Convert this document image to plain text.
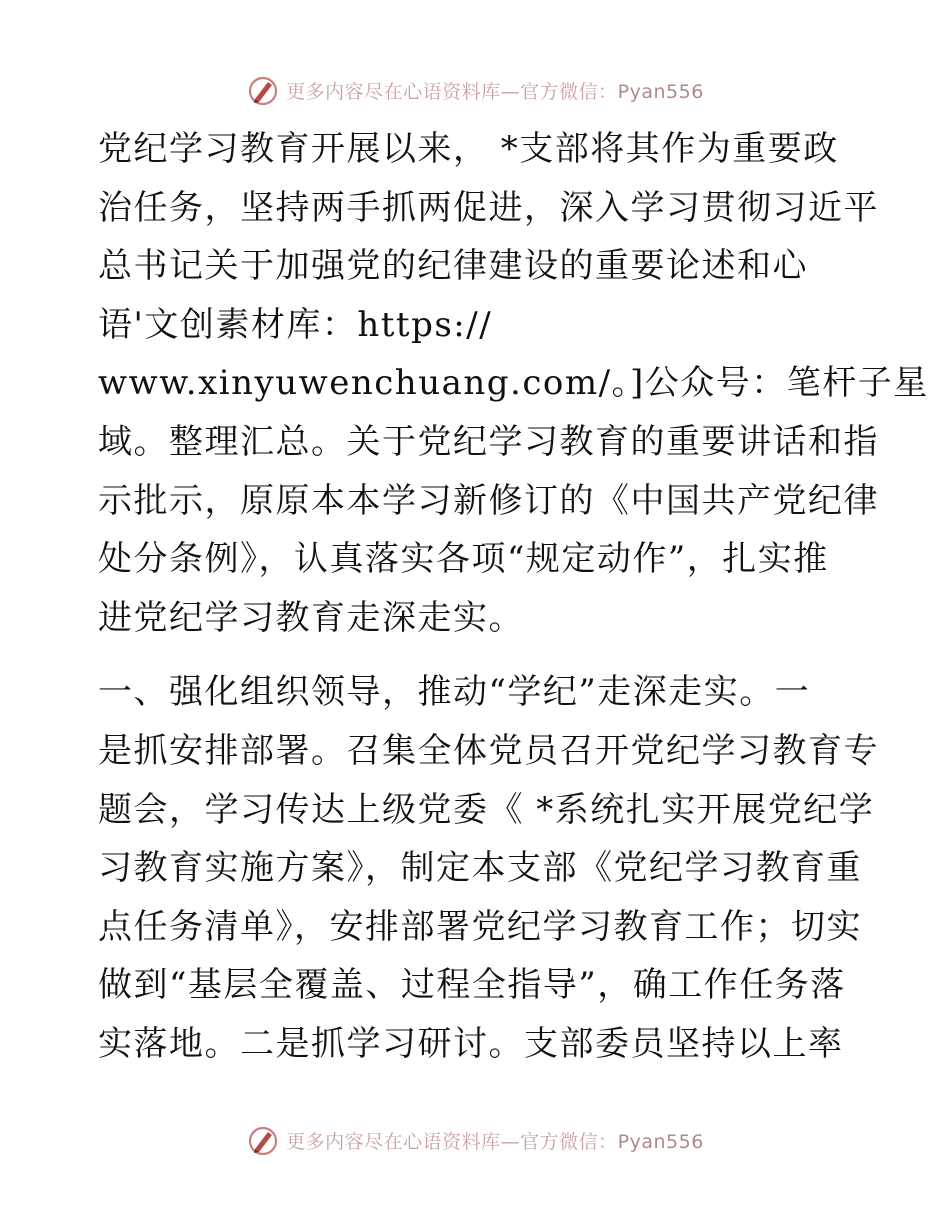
更多内容尽在心语资料库—官方微信：Pyan556

党纪学习教育开展以来， *支部将其作为重要政
治任务，坚持两手抓两促进，深入学习贯彻习近平
总书记关于加强党的纪律建设的重要论述和心
语'文创素材库：https://
www.xinyuwenchuang.com/。]公众号：笔杆子星
域。整理汇总。关于党纪学习教育的重要讲话和指
示批示，原原本本学习新修订的《中国共产党纪律
处分条例》，认真落实各项“规定动作”，扎实推
进党纪学习教育走深走实。

一、强化组织领导，推动“学纪”走深走实。一
是抓安排部署。召集全体党员召开党纪学习教育专
题会，学习传达上级党委《 *系统扎实开展党纪学
习教育实施方案》，制定本支部《党纪学习教育重
点任务清单》，安排部署党纪学习教育工作；切实
做到“基层全覆盖、过程全指导”，确工作任务落
实落地。二是抓学习研讨。支部委员坚持以上率

更多内容尽在心语资料库—官方微信：Pyan556
